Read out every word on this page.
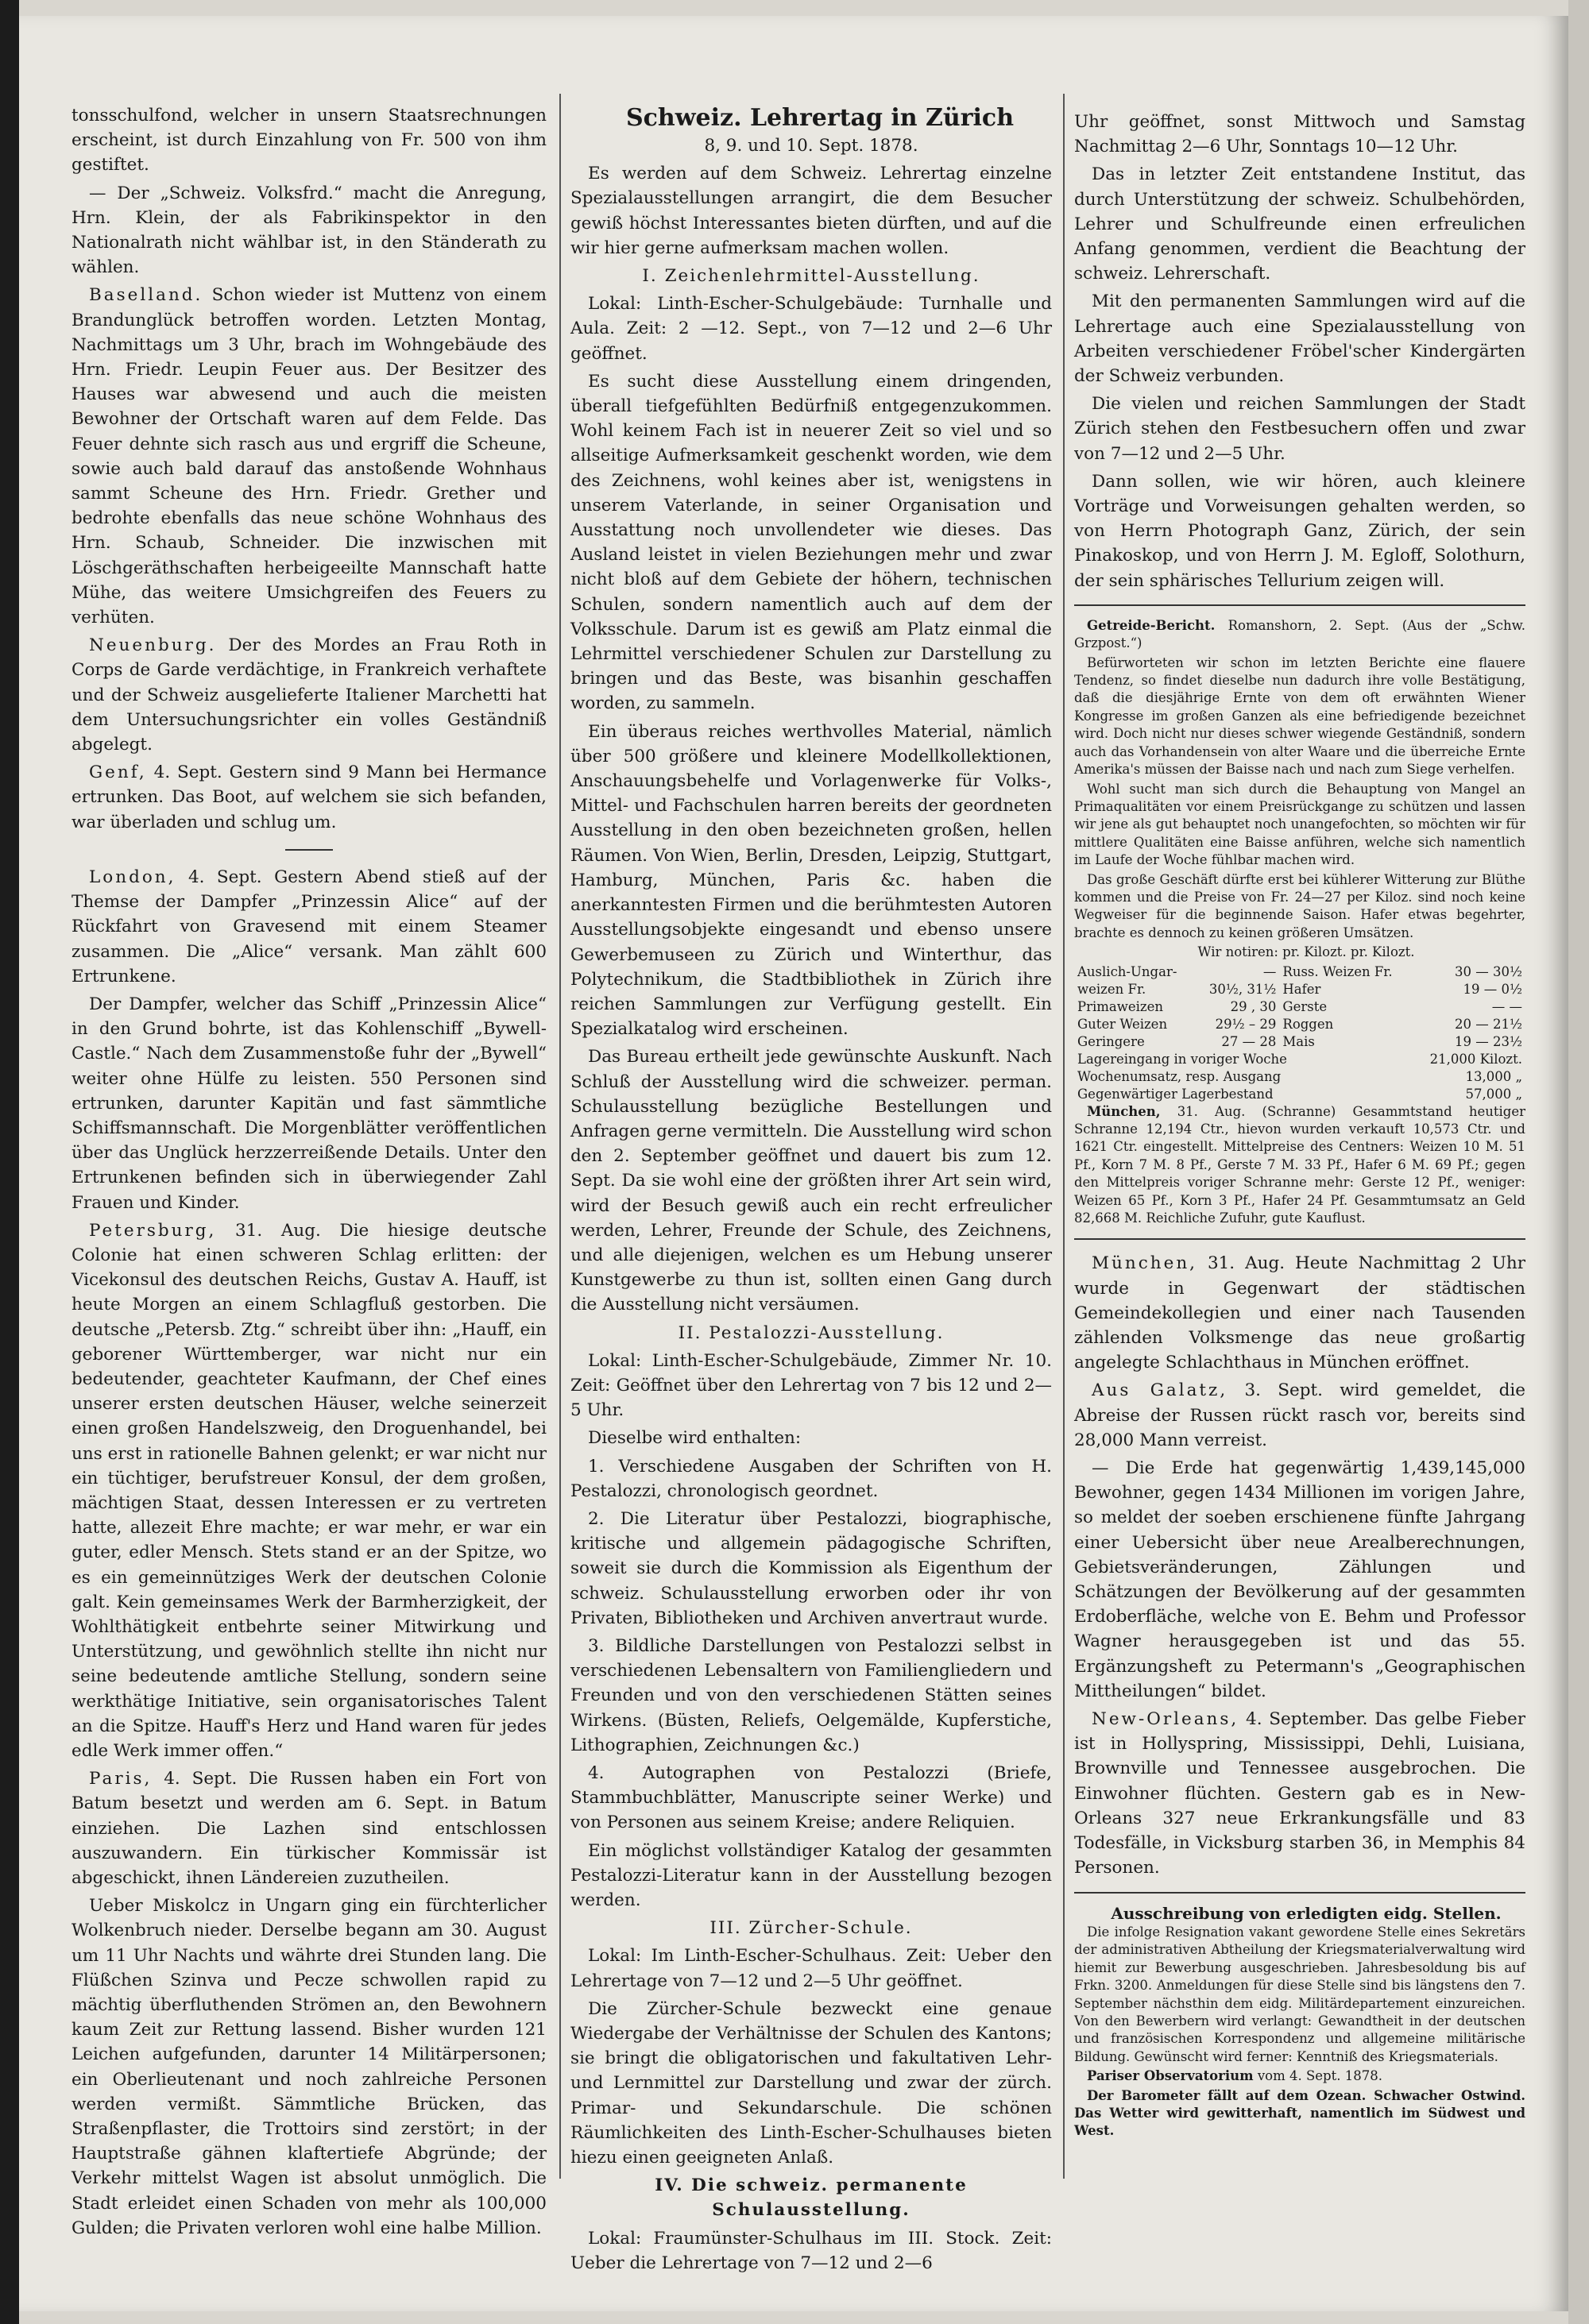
tonsschulfond, welcher in unsern Staatsrechnungen erscheint, ist durch Einzahlung von Fr. 500 von ihm gestiftet.

— Der „Schweiz. Volksfrd.“ macht die Anregung, Hrn. Klein, der als Fabrikinspektor in den Nationalrath nicht wählbar ist, in den Ständerath zu wählen.

Baselland. Schon wieder ist Muttenz von einem Brandunglück betroffen worden. Letzten Montag, Nachmittags um 3 Uhr, brach im Wohngebäude des Hrn. Friedr. Leupin Feuer aus. Der Besitzer des Hauses war abwesend und auch die meisten Bewohner der Ortschaft waren auf dem Felde. Das Feuer dehnte sich rasch aus und ergriff die Scheune, sowie auch bald darauf das anstoßende Wohnhaus sammt Scheune des Hrn. Friedr. Grether und bedrohte ebenfalls das neue schöne Wohnhaus des Hrn. Schaub, Schneider. Die inzwischen mit Löschgeräthschaften herbeigeeilte Mannschaft hatte Mühe, das weitere Umsichgreifen des Feuers zu verhüten.

Neuenburg. Der des Mordes an Frau Roth in Corps de Garde verdächtige, in Frankreich verhaftete und der Schweiz ausgelieferte Italiener Marchetti hat dem Untersuchungsrichter ein volles Geständniß abgelegt.

Genf, 4. Sept. Gestern sind 9 Mann bei Hermance ertrunken. Das Boot, auf welchem sie sich befanden, war überladen und schlug um.

London, 4. Sept. Gestern Abend stieß auf der Themse der Dampfer „Prinzessin Alice“ auf der Rückfahrt von Gravesend mit einem Steamer zusammen. Die „Alice“ versank. Man zählt 600 Ertrunkene.

Der Dampfer, welcher das Schiff „Prinzessin Alice“ in den Grund bohrte, ist das Kohlenschiff „Bywell-Castle.“ Nach dem Zusammenstoße fuhr der „Bywell“ weiter ohne Hülfe zu leisten. 550 Personen sind ertrunken, darunter Kapitän und fast sämmtliche Schiffsmannschaft. Die Morgenblätter veröffentlichen über das Unglück herzzerreißende Details. Unter den Ertrunkenen befinden sich in überwiegender Zahl Frauen und Kinder.

Petersburg, 31. Aug. Die hiesige deutsche Colonie hat einen schweren Schlag erlitten: der Vicekonsul des deutschen Reichs, Gustav A. Hauff, ist heute Morgen an einem Schlagfluß gestorben. Die deutsche „Petersb. Ztg.“ schreibt über ihn: „Hauff, ein geborener Württemberger, war nicht nur ein bedeutender, geachteter Kaufmann, der Chef eines unserer ersten deutschen Häuser, welche seinerzeit einen großen Handelszweig, den Droguenhandel, bei uns erst in rationelle Bahnen gelenkt; er war nicht nur ein tüchtiger, berufstreuer Konsul, der dem großen, mächtigen Staat, dessen Interessen er zu vertreten hatte, allezeit Ehre machte; er war mehr, er war ein guter, edler Mensch. Stets stand er an der Spitze, wo es ein gemeinnütziges Werk der deutschen Colonie galt. Kein gemeinsames Werk der Barmherzigkeit, der Wohlthätigkeit entbehrte seiner Mitwirkung und Unterstützung, und gewöhnlich stellte ihn nicht nur seine bedeutende amtliche Stellung, sondern seine werkthätige Initiative, sein organisatorisches Talent an die Spitze. Hauff's Herz und Hand waren für jedes edle Werk immer offen.“

Paris, 4. Sept. Die Russen haben ein Fort von Batum besetzt und werden am 6. Sept. in Batum einziehen. Die Lazhen sind entschlossen auszuwandern. Ein türkischer Kommissär ist abgeschickt, ihnen Ländereien zuzutheilen.

Ueber Miskolcz in Ungarn ging ein fürchterlicher Wolkenbruch nieder. Derselbe begann am 30. August um 11 Uhr Nachts und währte drei Stunden lang. Die Flüßchen Szinva und Pecze schwollen rapid zu mächtig überfluthenden Strömen an, den Bewohnern kaum Zeit zur Rettung lassend. Bisher wurden 121 Leichen aufgefunden, darunter 14 Militärpersonen; ein Oberlieutenant und noch zahlreiche Personen werden vermißt. Sämmtliche Brücken, das Straßenpflaster, die Trottoirs sind zerstört; in der Hauptstraße gähnen klaftertiefe Abgründe; der Verkehr mittelst Wagen ist absolut unmöglich. Die Stadt erleidet einen Schaden von mehr als 100,000 Gulden; die Privaten verloren wohl eine halbe Million.

Schweiz. Lehrertag in Zürich

8, 9. und 10. Sept. 1878.

Es werden auf dem Schweiz. Lehrertag einzelne Spezialausstellungen arrangirt, die dem Besucher gewiß höchst Interessantes bieten dürften, und auf die wir hier gerne aufmerksam machen wollen.

I. Zeichenlehrmittel-Ausstellung.

Lokal: Linth-Escher-Schulgebäude: Turnhalle und Aula. Zeit: 2 —12. Sept., von 7—12 und 2—6 Uhr geöffnet.

Es sucht diese Ausstellung einem dringenden, überall tiefgefühlten Bedürfniß entgegenzukommen. Wohl keinem Fach ist in neuerer Zeit so viel und so allseitige Aufmerksamkeit geschenkt worden, wie dem des Zeichnens, wohl keines aber ist, wenigstens in unserem Vaterlande, in seiner Organisation und Ausstattung noch unvollendeter wie dieses. Das Ausland leistet in vielen Beziehungen mehr und zwar nicht bloß auf dem Gebiete der höhern, technischen Schulen, sondern namentlich auch auf dem der Volksschule. Darum ist es gewiß am Platz einmal die Lehrmittel verschiedener Schulen zur Darstellung zu bringen und das Beste, was bisanhin geschaffen worden, zu sammeln.

Ein überaus reiches werthvolles Material, nämlich über 500 größere und kleinere Modellkollektionen, Anschauungsbehelfe und Vorlagenwerke für Volks-, Mittel- und Fachschulen harren bereits der geordneten Ausstellung in den oben bezeichneten großen, hellen Räumen. Von Wien, Berlin, Dresden, Leipzig, Stuttgart, Hamburg, München, Paris &c. haben die anerkanntesten Firmen und die berühmtesten Autoren Ausstellungsobjekte eingesandt und ebenso unsere Gewerbemuseen zu Zürich und Winterthur, das Polytechnikum, die Stadtbibliothek in Zürich ihre reichen Sammlungen zur Verfügung gestellt. Ein Spezialkatalog wird erscheinen.

Das Bureau ertheilt jede gewünschte Auskunft. Nach Schluß der Ausstellung wird die schweizer. perman. Schulausstellung bezügliche Bestellungen und Anfragen gerne vermitteln. Die Ausstellung wird schon den 2. September geöffnet und dauert bis zum 12. Sept. Da sie wohl eine der größten ihrer Art sein wird, wird der Besuch gewiß auch ein recht erfreulicher werden, Lehrer, Freunde der Schule, des Zeichnens, und alle diejenigen, welchen es um Hebung unserer Kunstgewerbe zu thun ist, sollten einen Gang durch die Ausstellung nicht versäumen.

II. Pestalozzi-Ausstellung.

Lokal: Linth-Escher-Schulgebäude, Zimmer Nr. 10. Zeit: Geöffnet über den Lehrertag von 7 bis 12 und 2—5 Uhr.

Dieselbe wird enthalten:

1. Verschiedene Ausgaben der Schriften von H. Pestalozzi, chronologisch geordnet.

2. Die Literatur über Pestalozzi, biographische, kritische und allgemein pädagogische Schriften, soweit sie durch die Kommission als Eigenthum der schweiz. Schulausstellung erworben oder ihr von Privaten, Bibliotheken und Archiven anvertraut wurde.

3. Bildliche Darstellungen von Pestalozzi selbst in verschiedenen Lebensaltern von Familiengliedern und Freunden und von den verschiedenen Stätten seines Wirkens. (Büsten, Reliefs, Oelgemälde, Kupferstiche, Lithographien, Zeichnungen &c.)

4. Autographen von Pestalozzi (Briefe, Stammbuchblätter, Manuscripte seiner Werke) und von Personen aus seinem Kreise; andere Reliquien.

Ein möglichst vollständiger Katalog der gesammten Pestalozzi-Literatur kann in der Ausstellung bezogen werden.

III. Zürcher-Schule.

Lokal: Im Linth-Escher-Schulhaus. Zeit: Ueber den Lehrertage von 7—12 und 2—5 Uhr geöffnet.

Die Zürcher-Schule bezweckt eine genaue Wiedergabe der Verhältnisse der Schulen des Kantons; sie bringt die obligatorischen und fakultativen Lehr- und Lernmittel zur Darstellung und zwar der zürch. Primar- und Sekundarschule. Die schönen Räumlichkeiten des Linth-Escher-Schulhauses bieten hiezu einen geeigneten Anlaß.

IV. Die schweiz. permanente Schulausstellung.

Lokal: Fraumünster-Schulhaus im III. Stock. Zeit: Ueber die Lehrertage von 7—12 und 2—6

Uhr geöffnet, sonst Mittwoch und Samstag Nachmittag 2—6 Uhr, Sonntags 10—12 Uhr.

Das in letzter Zeit entstandene Institut, das durch Unterstützung der schweiz. Schulbehörden, Lehrer und Schulfreunde einen erfreulichen Anfang genommen, verdient die Beachtung der schweiz. Lehrerschaft.

Mit den permanenten Sammlungen wird auf die Lehrertage auch eine Spezialausstellung von Arbeiten verschiedener Fröbel'scher Kindergärten der Schweiz verbunden.

Die vielen und reichen Sammlungen der Stadt Zürich stehen den Festbesuchern offen und zwar von 7—12 und 2—5 Uhr.

Dann sollen, wie wir hören, auch kleinere Vorträge und Vorweisungen gehalten werden, so von Herrn Photograph Ganz, Zürich, der sein Pinakoskop, und von Herrn J. M. Egloff, Solothurn, der sein sphärisches Tellurium zeigen will.

Getreide-Bericht. Romanshorn, 2. Sept. (Aus der „Schw. Grzpost.“)

Befürworteten wir schon im letzten Berichte eine flauere Tendenz, so findet dieselbe nun dadurch ihre volle Bestätigung, daß die diesjährige Ernte von dem oft erwähnten Wiener Kongresse im großen Ganzen als eine befriedigende bezeichnet wird. Doch nicht nur dieses schwer wiegende Geständniß, sondern auch das Vorhandensein von alter Waare und die überreiche Ernte Amerika's müssen der Baisse nach und nach zum Siege verhelfen.

Wohl sucht man sich durch die Behauptung von Mangel an Primaqualitäten vor einem Preisrückgange zu schützen und lassen wir jene als gut behauptet noch unangefochten, so möchten wir für mittlere Qualitäten eine Baisse anführen, welche sich namentlich im Laufe der Woche fühlbar machen wird.

Das große Geschäft dürfte erst bei kühlerer Witterung zur Blüthe kommen und die Preise von Fr. 24—27 per Kiloz. sind noch keine Wegweiser für die beginnende Saison. Hafer etwas begehrter, brachte es dennoch zu keinen größeren Umsätzen.

Wir notiren: pr. Kilozt. pr. Kilozt.

Auslich-Ungar-	—	Russ. Weizen Fr.	30 — 30½
weizen Fr.	30½, 31½	Hafer	19 — 0½
Primaweizen	29 , 30	Gerste	— —
Guter Weizen	29½ – 29	Roggen	20 — 21½
Geringere	27 — 28	Mais	19 — 23½
Lagereingang in voriger Woche			21,000 Kilozt.
Wochenumsatz, resp. Ausgang			13,000 „
Gegenwärtiger Lagerbestand			57,000 „

München, 31. Aug. (Schranne) Gesammtstand heutiger Schranne 12,194 Ctr., hievon wurden verkauft 10,573 Ctr. und 1621 Ctr. eingestellt. Mittelpreise des Centners: Weizen 10 M. 51 Pf., Korn 7 M. 8 Pf., Gerste 7 M. 33 Pf., Hafer 6 M. 69 Pf.; gegen den Mittelpreis voriger Schranne mehr: Gerste 12 Pf., weniger: Weizen 65 Pf., Korn 3 Pf., Hafer 24 Pf. Gesammtumsatz an Geld 82,668 M. Reichliche Zufuhr, gute Kauflust.

München, 31. Aug. Heute Nachmittag 2 Uhr wurde in Gegenwart der städtischen Gemeindekollegien und einer nach Tausenden zählenden Volksmenge das neue großartig angelegte Schlachthaus in München eröffnet.

Aus Galatz, 3. Sept. wird gemeldet, die Abreise der Russen rückt rasch vor, bereits sind 28,000 Mann verreist.

— Die Erde hat gegenwärtig 1,439,145,000 Bewohner, gegen 1434 Millionen im vorigen Jahre, so meldet der soeben erschienene fünfte Jahrgang einer Uebersicht über neue Arealberechnungen, Gebietsveränderungen, Zählungen und Schätzungen der Bevölkerung auf der gesammten Erdoberfläche, welche von E. Behm und Professor Wagner herausgegeben ist und das 55. Ergänzungsheft zu Petermann's „Geographischen Mittheilungen“ bildet.

New-Orleans, 4. September. Das gelbe Fieber ist in Hollyspring, Mississippi, Dehli, Luisiana, Brownville und Tennessee ausgebrochen. Die Einwohner flüchten. Gestern gab es in New-Orleans 327 neue Erkrankungsfälle und 83 Todesfälle, in Vicksburg starben 36, in Memphis 84 Personen.

Ausschreibung von erledigten eidg. Stellen.

Die infolge Resignation vakant gewordene Stelle eines Sekretärs der administrativen Abtheilung der Kriegsmaterialverwaltung wird hiemit zur Bewerbung ausgeschrieben. Jahresbesoldung bis auf Frkn. 3200. Anmeldungen für diese Stelle sind bis längstens den 7. September nächsthin dem eidg. Militärdepartement einzureichen. Von den Bewerbern wird verlangt: Gewandtheit in der deutschen und französischen Korrespondenz und allgemeine militärische Bildung. Gewünscht wird ferner: Kenntniß des Kriegsmaterials.

Pariser Observatorium vom 4. Sept. 1878.

Der Barometer fällt auf dem Ozean. Schwacher Ostwind. Das Wetter wird gewitterhaft, namentlich im Südwest und West.
